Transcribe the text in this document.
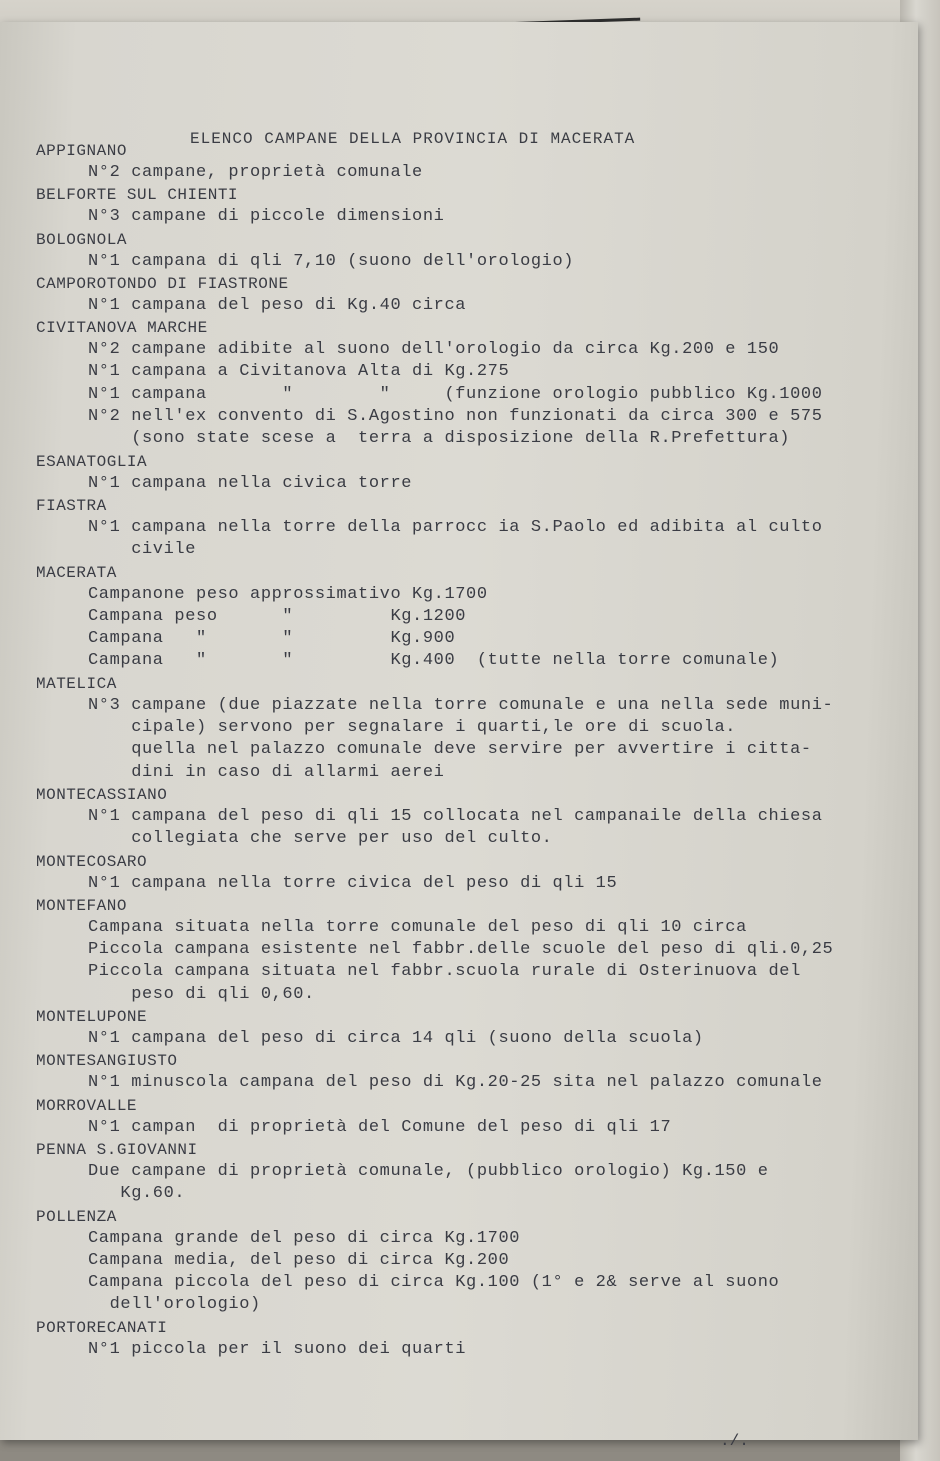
ELENCO CAMPANE DELLA PROVINCIA DI MACERATA
APPIGNANO
N°2 campane, proprietà comunale
BELFORTE SUL CHIENTI
N°3 campane di piccole dimensioni
BOLOGNOLA
N°1 campana di qli 7,10 (suono dell'orologio)
CAMPOROTONDO DI FIASTRONE
N°1 campana del peso di Kg.40 circa
CIVITANOVA MARCHE
N°2 campane adibite al suono dell'orologio da circa Kg.200 e 150
N°1 campana a Civitanova Alta di Kg.275
N°1 campana       "        "     (funzione orologio pubblico Kg.1000
N°2 nell'ex convento di S.Agostino non funzionati da circa 300 e 575
(sono state scese a  terra a disposizione della R.Prefettura)
ESANATOGLIA
N°1 campana nella civica torre
FIASTRA
N°1 campana nella torre della parrocc ia S.Paolo ed adibita al culto
civile
MACERATA
Campanone peso approssimativo Kg.1700
Campana peso      "         Kg.1200
Campana   "       "         Kg.900
Campana   "       "         Kg.400  (tutte nella torre comunale)
MATELICA
N°3 campane (due piazzate nella torre comunale e una nella sede muni-
cipale) servono per segnalare i quarti,le ore di scuola.
quella nel palazzo comunale deve servire per avvertire i citta-
dini in caso di allarmi aerei
MONTECASSIANO
N°1 campana del peso di qli 15 collocata nel campanaile della chiesa
collegiata che serve per uso del culto.
MONTECOSARO
N°1 campana nella torre civica del peso di qli 15
MONTEFANO
Campana situata nella torre comunale del peso di qli 10 circa
Piccola campana esistente nel fabbr.delle scuole del peso di qli.0,25
Piccola campana situata nel fabbr.scuola rurale di Osterinuova del
peso di qli 0,60.
MONTELUPONE
N°1 campana del peso di circa 14 qli (suono della scuola)
MONTESANGIUSTO
N°1 minuscola campana del peso di Kg.20-25 sita nel palazzo comunale
MORROVALLE
N°1 campan  di proprietà del Comune del peso di qli 17
PENNA S.GIOVANNI
Due campane di proprietà comunale, (pubblico orologio) Kg.150 e
Kg.60.
POLLENZA
Campana grande del peso di circa Kg.1700
Campana media, del peso di circa Kg.200
Campana piccola del peso di circa Kg.100 (1° e 2& serve al suono
dell'orologio)
PORTORECANATI
N°1 piccola per il suono dei quarti
./.
